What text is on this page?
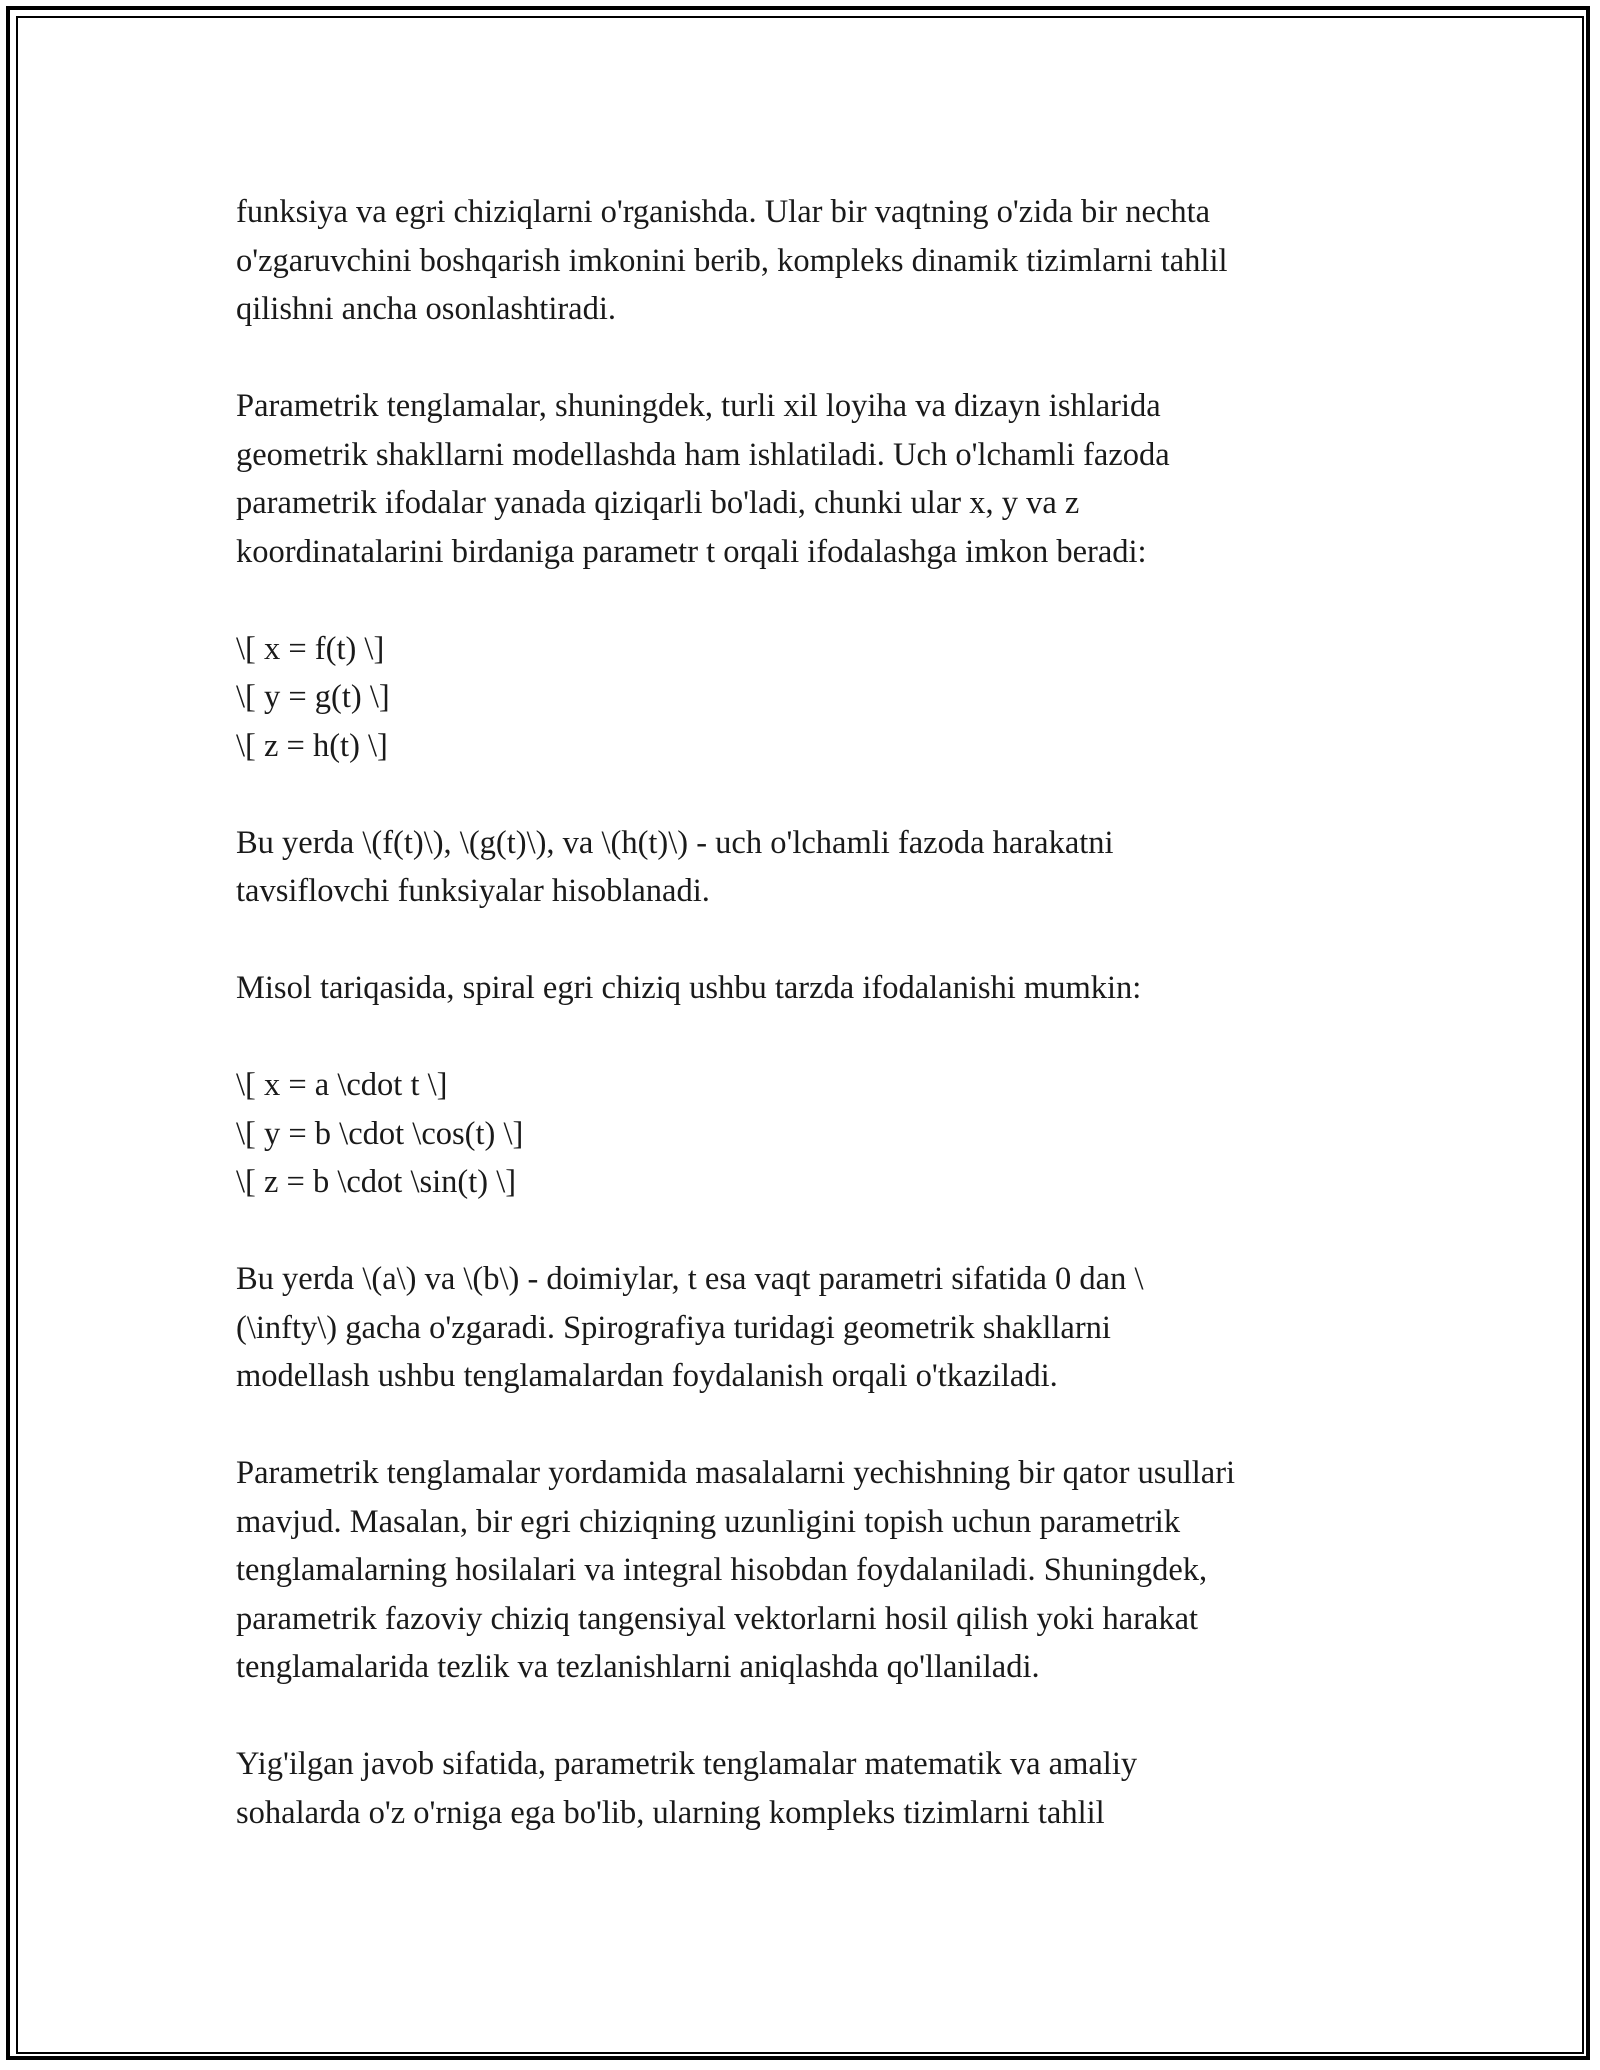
funksiya va egri chiziqlarni o'rganishda. Ular bir vaqtning o'zida bir nechta
o'zgaruvchini boshqarish imkonini berib, kompleks dinamik tizimlarni tahlil
qilishni ancha osonlashtiradi.

Parametrik tenglamalar, shuningdek, turli xil loyiha va dizayn ishlarida
geometrik shakllarni modellashda ham ishlatiladi. Uch o'lchamli fazoda
parametrik ifodalar yanada qiziqarli bo'ladi, chunki ular x, y va z
koordinatalarini birdaniga parametr t orqali ifodalashga imkon beradi:

\[ x = f(t) \]
\[ y = g(t) \]
\[ z = h(t) \]

Bu yerda \(f(t)\), \(g(t)\), va \(h(t)\) - uch o'lchamli fazoda harakatni
tavsiflovchi funksiyalar hisoblanadi.

Misol tariqasida, spiral egri chiziq ushbu tarzda ifodalanishi mumkin:

\[ x = a \cdot t \]
\[ y = b \cdot \cos(t) \]
\[ z = b \cdot \sin(t) \]

Bu yerda \(a\) va \(b\) - doimiylar, t esa vaqt parametri sifatida 0 dan \
(\infty\) gacha o'zgaradi. Spirografiya turidagi geometrik shakllarni
modellash ushbu tenglamalardan foydalanish orqali o'tkaziladi.

Parametrik tenglamalar yordamida masalalarni yechishning bir qator usullari
mavjud. Masalan, bir egri chiziqning uzunligini topish uchun parametrik
tenglamalarning hosilalari va integral hisobdan foydalaniladi. Shuningdek,
parametrik fazoviy chiziq tangensiyal vektorlarni hosil qilish yoki harakat
tenglamalarida tezlik va tezlanishlarni aniqlashda qo'llaniladi.

Yig'ilgan javob sifatida, parametrik tenglamalar matematik va amaliy
sohalarda o'z o'rniga ega bo'lib, ularning kompleks tizimlarni tahlil
